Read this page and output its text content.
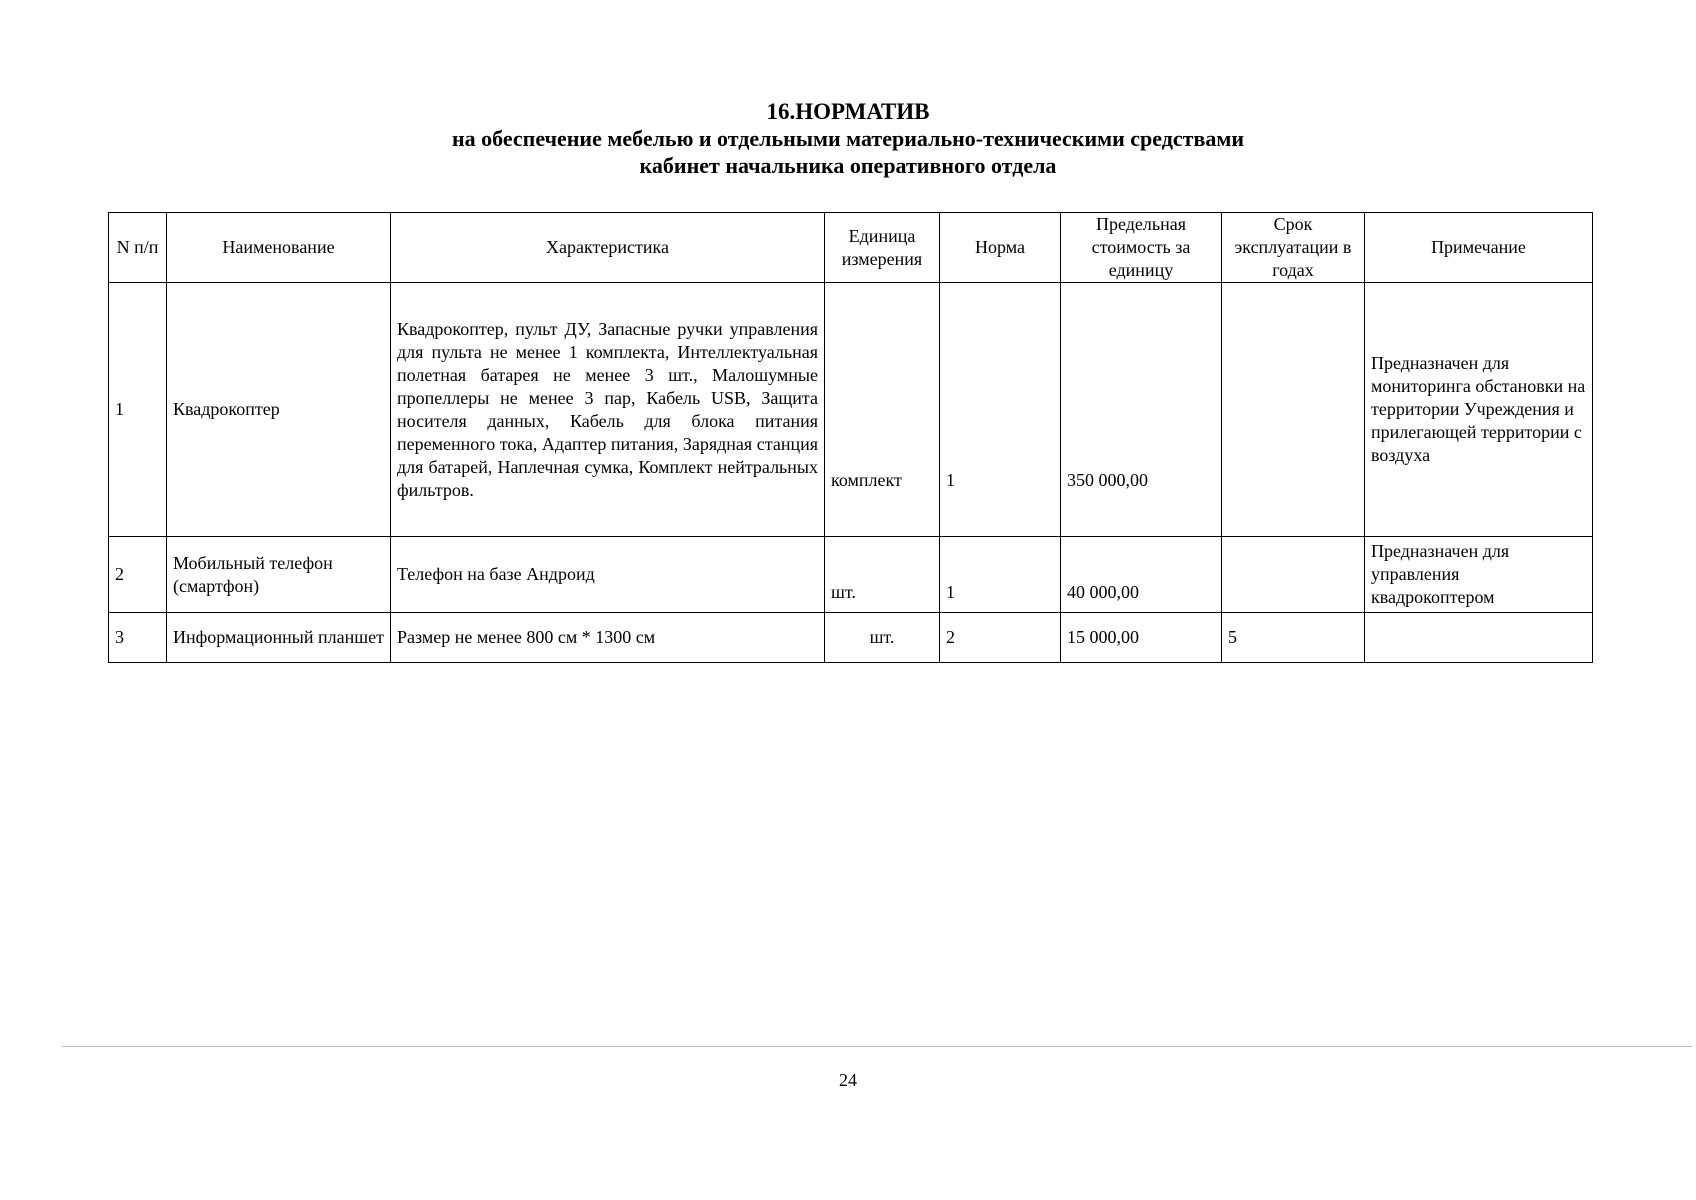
16.НОРМАТИВ
на обеспечение мебелью и отдельными материально-техническими средствами
кабинет начальника оперативного отдела
N п/п	Наименование	Характеристика	Единица измерения	Норма	Предельная стоимость за единицу	Срок эксплуатации в годах	Примечание
1	Квадрокоптер	Квадрокоптер, пульт ДУ, Запасные ручки управления для пульта не менее 1 комплекта, Интеллектуальная полетная батарея не менее 3 шт., Малошумные пропеллеры не менее 3 пар, Кабель USB, Защита носителя данных, Кабель для блока питания переменного тока, Адаптер питания, Зарядная станция для батарей, Наплечная сумка, Комплект нейтральных фильтров.	комплект	1	350 000,00		Предназначен для мониторинга обстановки на территории Учреждения и прилегающей территории с воздуха
2	Мобильный телефон (смартфон)	Телефон на базе Андроид	шт.	1	40 000,00		Предназначен для управления квадрокоптером
3	Информационный планшет	Размер не менее 800 см * 1300 см	шт.	2	15 000,00	5	
24
